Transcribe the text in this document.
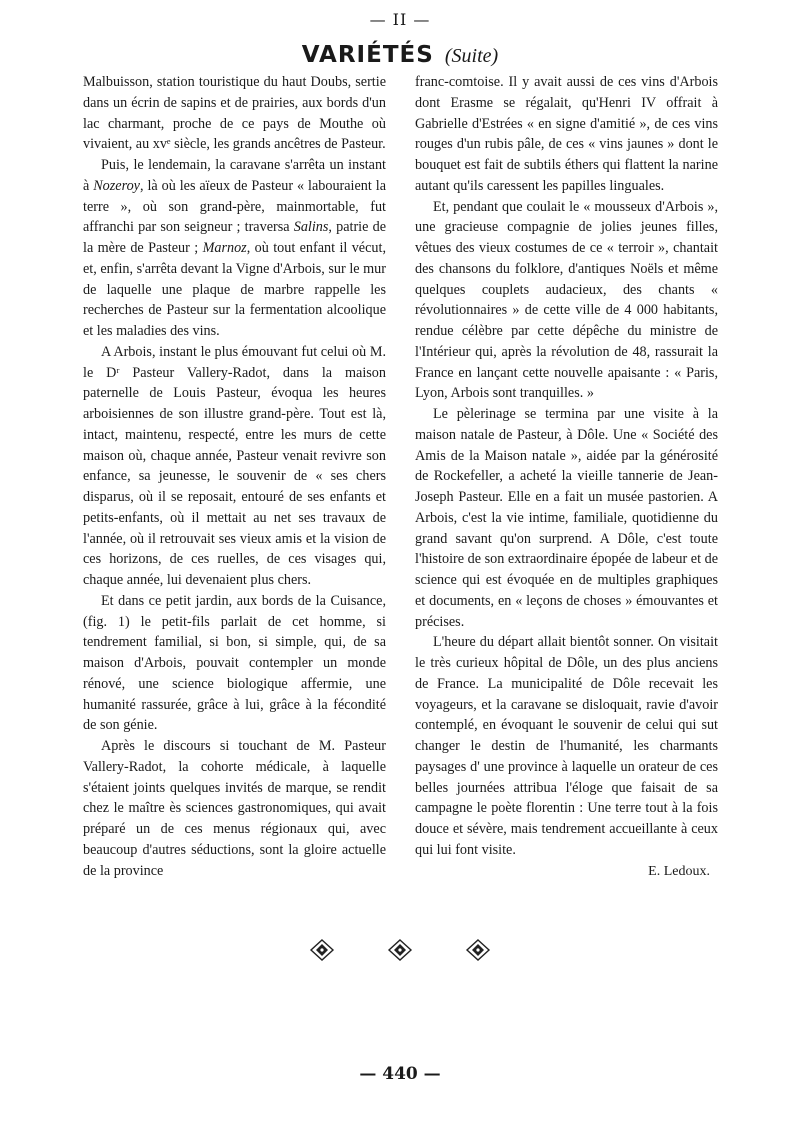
— II —
VARIÉTÉS (Suite)

Malbuisson, station touristique du haut Doubs, sertie dans un écrin de sapins et de prairies, aux bords d'un lac charmant, proche de ce pays de Mouthe où vivaient, au xvᵉ siècle, les grands ancêtres de Pasteur.

Puis, le lendemain, la caravane s'arrêta un instant à Nozeroy, là où les aïeux de Pasteur « labouraient la terre », où son grand-père, mainmortable, fut affranchi par son seigneur ; traversa Salins, patrie de la mère de Pasteur ; Marnoz, où tout enfant il vécut, et, enfin, s'arrêta devant la Vigne d'Arbois, sur le mur de laquelle une plaque de marbre rappelle les recherches de Pasteur sur la fermentation alcoolique et les maladies des vins.

A Arbois, instant le plus émouvant fut celui où M. le Dʳ Pasteur Vallery-Radot, dans la maison paternelle de Louis Pasteur, évoqua les heures arboisiennes de son illustre grand-père. Tout est là, intact, maintenu, respecté, entre les murs de cette maison où, chaque année, Pasteur venait revivre son enfance, sa jeunesse, le souvenir de « ses chers disparus, où il se reposait, entouré de ses enfants et petits-enfants, où il mettait au net ses travaux de l'année, où il retrouvait ses vieux amis et la vision de ces horizons, de ces ruelles, de ces visages qui, chaque année, lui devenaient plus chers.

Et dans ce petit jardin, aux bords de la Cuisance, (fig. 1) le petit-fils parlait de cet homme, si tendrement familial, si bon, si simple, qui, de sa maison d'Arbois, pouvait contempler un monde rénové, une science biologique affermie, une humanité rassurée, grâce à lui, grâce à la fécondité de son génie.

Après le discours si touchant de M. Pasteur Vallery-Radot, la cohorte médicale, à laquelle s'étaient joints quelques invités de marque, se rendit chez le maître ès sciences gastronomiques, qui avait préparé un de ces menus régionaux qui, avec beaucoup d'autres séductions, sont la gloire actuelle de la province

franc-comtoise. Il y avait aussi de ces vins d'Arbois dont Erasme se régalait, qu'Henri IV offrait à Gabrielle d'Estrées « en signe d'amitié », de ces vins rouges d'un rubis pâle, de ces « vins jaunes » dont le bouquet est fait de subtils éthers qui flattent la narine autant qu'ils caressent les papilles linguales.

Et, pendant que coulait le « mousseux d'Arbois », une gracieuse compagnie de jolies jeunes filles, vêtues des vieux costumes de ce « terroir », chantait des chansons du folklore, d'antiques Noëls et même quelques couplets audacieux, des chants « révolutionnaires » de cette ville de 4 000 habitants, rendue célèbre par cette dépêche du ministre de l'Intérieur qui, après la révolution de 48, rassurait la France en lançant cette nouvelle apaisante : « Paris, Lyon, Arbois sont tranquilles. »

Le pèlerinage se termina par une visite à la maison natale de Pasteur, à Dôle. Une « Société des Amis de la Maison natale », aidée par la générosité de Rockefeller, a acheté la vieille tannerie de Jean-Joseph Pasteur. Elle en a fait un musée pastorien. A Arbois, c'est la vie intime, familiale, quotidienne du grand savant qu'on surprend. A Dôle, c'est toute l'histoire de son extraordinaire épopée de labeur et de science qui est évoquée en de multiples graphiques et documents, en « leçons de choses » émouvantes et précises.

L'heure du départ allait bientôt sonner. On visitait le très curieux hôpital de Dôle, un des plus anciens de France. La municipalité de Dôle recevait les voyageurs, et la caravane se disloquait, ravie d'avoir contemplé, en évoquant le souvenir de celui qui sut changer le destin de l'humanité, les charmants paysages d' une province à laquelle un orateur de ces belles journées attribua l'éloge que faisait de sa campagne le poète florentin : Une terre tout à la fois douce et sévère, mais tendrement accueillante à ceux qui lui font visite.

E. Ledoux.
— 440 —
